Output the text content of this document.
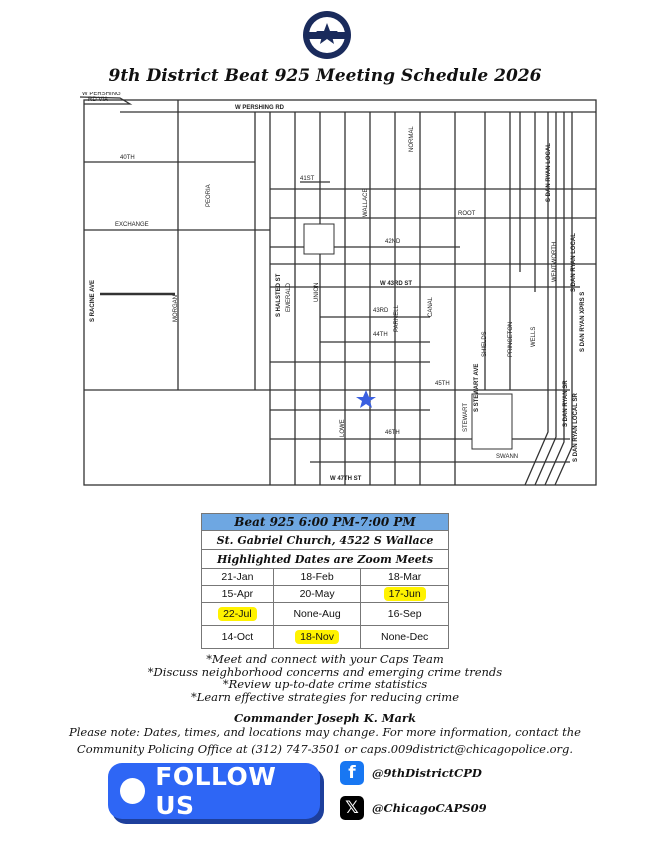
9th District Beat 925 Meeting Schedule 2026
W PERSHING
RD VIA
W PERSHING RD
NORMAL
40TH
41ST
WALLACE
PEORIA
EXCHANGE
ROOT
42ND	WENTWORTH
S RACINE AVE	S HALSTED ST EMERALD	UNION	W 43RD ST
MORGAN	43RD PARNELL	CANAL
44TH	SHIELDS	PRINCETON	WELLS
45TH
LOWE	STEWART
S STEWART AVE
46TH
SWANN
W 47TH ST
S DAN RYAN LOCAL
S DAN RYAN LOCAL
S DAN RYAN XPRS S
S DAN RYAN SR S DAN RYAN LOCAL SR
Beat 925 6:00 PM-7:00 PM		
St. Gabriel Church, 4522 S Wallace		
Highlighted Dates are Zoom Meets		
21-Jan	18-Feb	18-Mar
15-Apr	20-May	17-Jun
22-Jul	None-Aug	16-Sep
14-Oct	18-Nov	None-Dec
*Meet and connect with your Caps Team
*Discuss neighborhood concerns and emerging crime trends
*Review up-to-date crime statistics
*Learn effective strategies for reducing crime
Commander Joseph K. Mark
Please note: Dates, times, and locations may change. For more information, contact the
Community Policing Office at (312) 747-3501 or caps.009district@chicagopolice.org.
FOLLOW US
f	@9thDistrictCPD
𝕏	@ChicagoCAPS09
